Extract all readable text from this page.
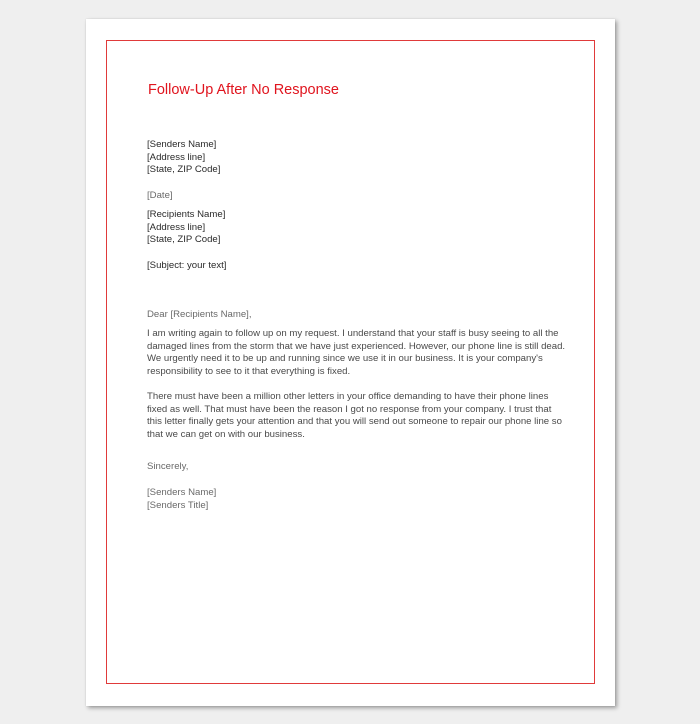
Follow-Up After No Response
[Senders Name]
[Address line]
[State, ZIP Code]
[Date]
[Recipients Name]
[Address line]
[State, ZIP Code]
[Subject: your text]
Dear [Recipients Name],

I am writing again to follow up on my request. I understand that your staff is busy seeing to all the damaged lines from the storm that we have just experienced. However, our phone line is still dead. We urgently need it to be up and running since we use it in our business. It is your company's responsibility to see to it that everything is fixed.

There must have been a million other letters in your office demanding to have their phone lines fixed as well. That must have been the reason I got no response from your company. I trust that this letter finally gets your attention and that you will send out someone to repair our phone line so that we can get on with our business.

Sincerely,
[Senders Name]
[Senders Title]
